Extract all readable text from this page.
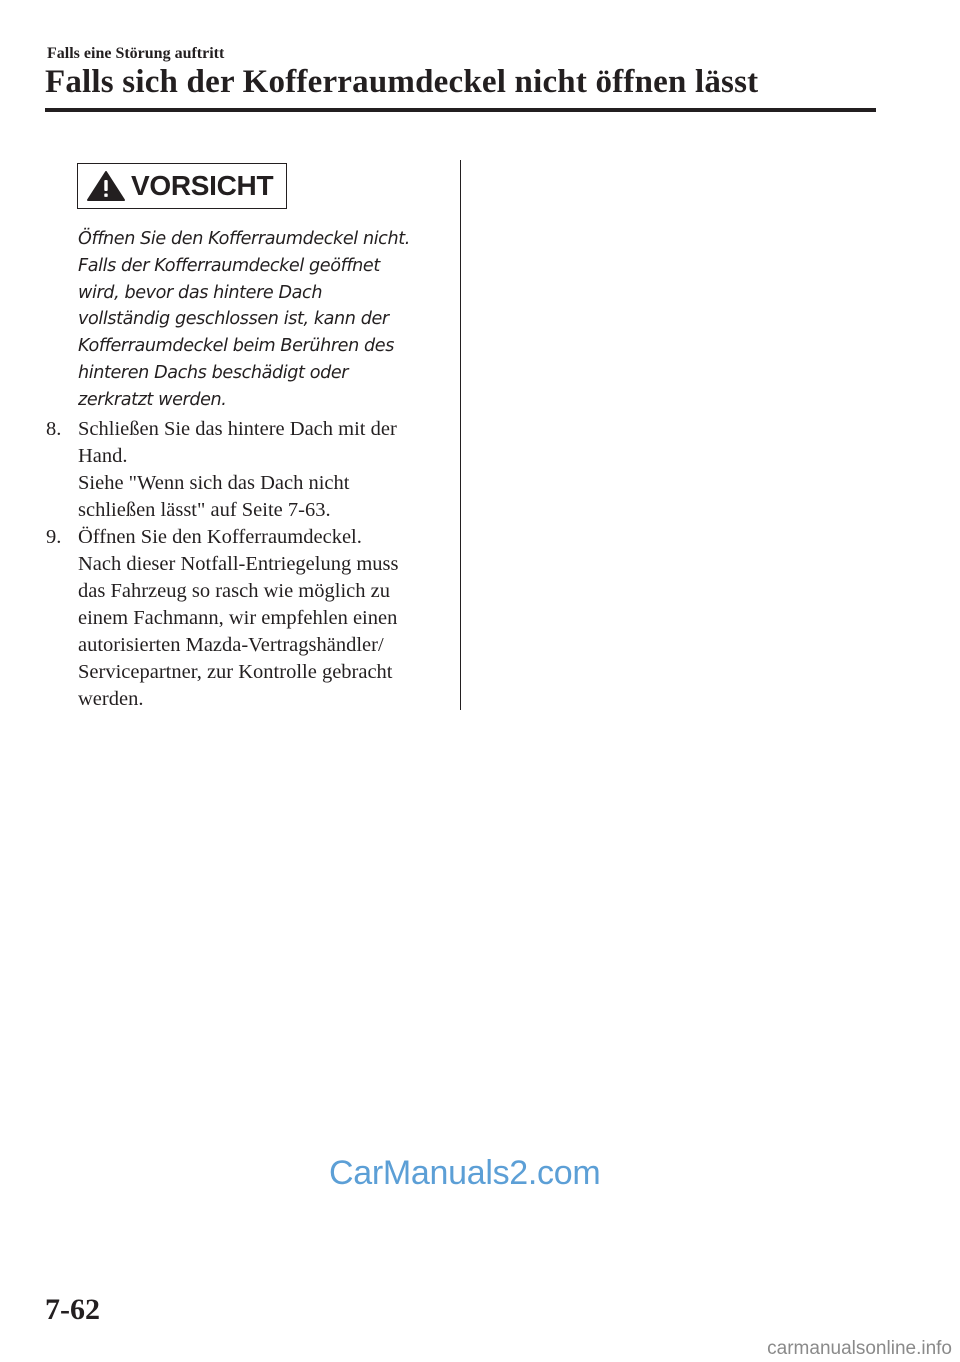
Falls eine Störung auftritt
Falls sich der Kofferraumdeckel nicht öffnen lässt
VORSICHT
Öffnen Sie den Kofferraumdeckel nicht.
Falls der Kofferraumdeckel geöffnet
wird, bevor das hintere Dach
vollständig geschlossen ist, kann der
Kofferraumdeckel beim Berühren des
hinteren Dachs beschädigt oder
zerkratzt werden.
8. Schließen Sie das hintere Dach mit der
Hand.
Siehe "Wenn sich das Dach nicht
schließen lässt" auf Seite 7-63.
9. Öffnen Sie den Kofferraumdeckel.
Nach dieser Notfall-Entriegelung muss
das Fahrzeug so rasch wie möglich zu
einem Fachmann, wir empfehlen einen
autorisierten Mazda-Vertragshändler/
Servicepartner, zur Kontrolle gebracht
werden.
CarManuals2.com
7-62
carmanualsonline.info
